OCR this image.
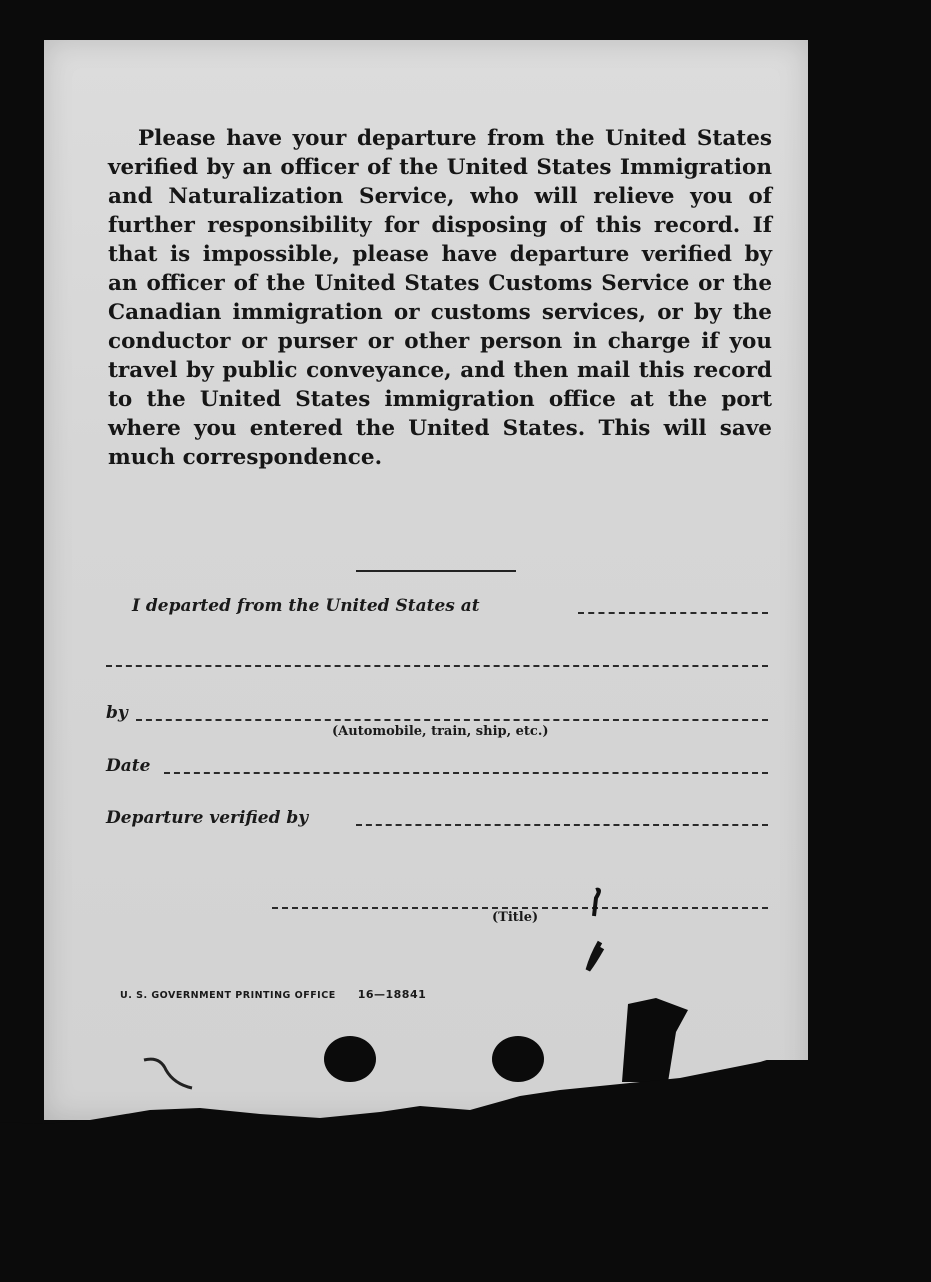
Please have your departure from the United States verified by an officer of the United States Immigration and Naturalization Service, who will relieve you of further responsibility for disposing of this record. If that is impossible, please have departure verified by an officer of the United States Customs Service or the Canadian immigration or customs services, or by the conductor or purser or other person in charge if you travel by public conveyance, and then mail this record to the United States immigration office at the port where you entered the United States. This will save much correspondence.

I departed from the United States at
by
(Automobile, train, ship, etc.)
Date
Departure verified by
(Title)
U. S. GOVERNMENT PRINTING OFFICE 16—18841
